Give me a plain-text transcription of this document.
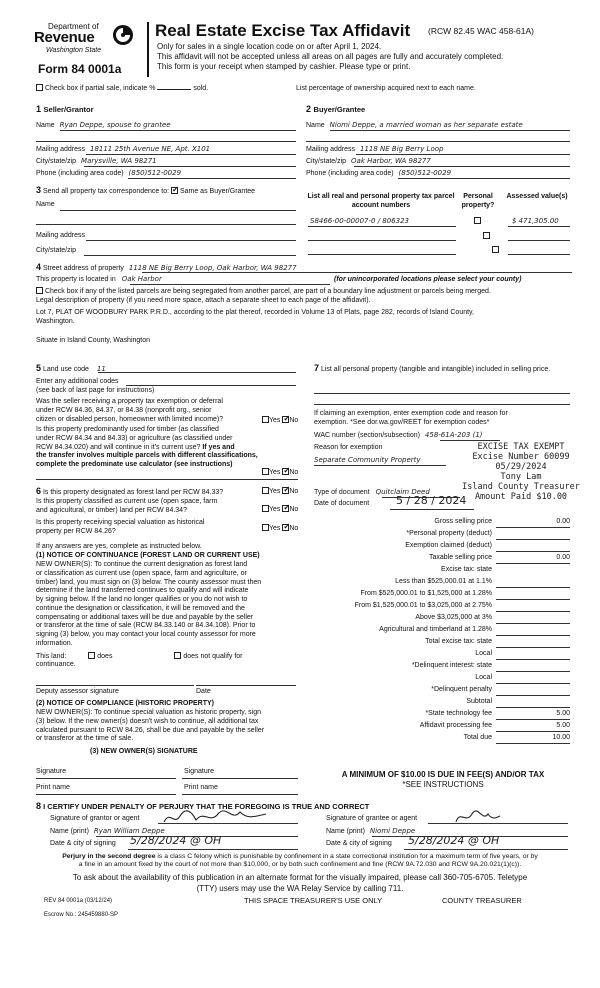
Department of
Revenue
Washington State
Form 84 0001a
Real Estate Excise Tax Affidavit (RCW 82.45 WAC 458-61A)
Only for sales in a single location code on or after April 1, 2024.
This affidavit will not be accepted unless all areas on all pages are fully and accurately completed.
This form is your receipt when stamped by cashier. Please type or print.
Check box if partial sale, indicate %	sold.	List percentage of ownership acquired next to each name.
1 Seller/Grantor
Name Ryan Deppe, spouse to grantee
Mailing address 18111 25th Avenue NE, Apt. X101
City/state/zip Marysville, WA 98271
Phone (including area code) (850)512-0029
2 Buyer/Grantee
Name Niomi Deppe, a married woman as her separate estate
Mailing address 1118 NE Big Berry Loop
City/state/zip Oak Harbor, WA 98277
Phone (including area code) (850)512-0029
3 Send all property tax correspondence to: ✓ Same as Buyer/Grantee
Name
Mailing address
City/state/zip
List all real and personal property tax parcel account numbers
Personal property?
Assessed value(s)
S8466-00-00007-0 / 806323
	$ 471,305.00
4 Street address of property 1118 NE Big Berry Loop, Oak Harbor, WA 98277
This property is located in Oak Harbor	(for unincorporated locations please select your county)
Check box if any of the listed parcels are being segregated from another parcel, are part of a boundary line adjustment or parcels being merged.
Legal description of property (if you need more space, attach a separate sheet to each page of the affidavit).
Lot 7, PLAT OF WOODBURY PARK P.R.D., according to the plat thereof, recorded in Volume 13 of Plats, page 282, records of Island County,
Washington.
Situate in Island County, Washington
5 Land use code 11
Enter any additional codes
(see back of last page for instructions)
Was the seller receiving a property tax exemption or deferral
under RCW 84.36, 84.37, or 84.38 (nonprofit org., senior
citizen or disabled person, homeowner with limited income)?	Yes ✓ No
Is this property predominantly used for timber (as classified
under RCW 84.34 and 84.33) or agriculture (as classified under
RCW 84.34.020) and will continue in it's current use? If yes and
the transfer involves multiple parcels with different classifications,
complete the predominate use calculator (see instructions)
Yes ✓ No
6 Is this property designated as forest land per RCW 84.33?	Yes ✓ No
Is this property classified as current use (open space, farm
and agricultural, or timber) land per RCW 84.34?	Yes ✓ No
Is this property receiving special valuation as historical
property per RCW 84.26?	Yes ✓ No
If any answers are yes, complete as instructed below.
(1) NOTICE OF CONTINUANCE (FOREST LAND OR CURRENT USE)
NEW OWNER(S): To continue the current designation as forest land
or classification as current use (open space, farm and agriculture, or
timber) land, you must sign on (3) below. The county assessor must then
determine if the land transferred continues to qualify and will indicate
by signing below. If the land no longer qualifies or you do not wish to
continue the designation or classification, it will be removed and the
compensating or additional taxes will be due and payable by the seller
or transferor at the time of sale (RCW 84.33.140 or 84.34.108). Prior to
signing (3) below, you may contact your local county assessor for more
information.
This land:	does	does not qualify for
continuance.
Deputy assessor signature	Date
(2) NOTICE OF COMPLIANCE (HISTORIC PROPERTY)
NEW OWNER(S): To continue special valuation as historic property, sign
(3) below. If the new owner(s) doesn't wish to continue, all additional tax
calculated pursuant to RCW 84.26, shall be due and payable by the seller
or transferor at the time of sale.
(3) NEW OWNER(S) SIGNATURE
Signature	Signature
Print name	Print name
7 List all personal property (tangible and intangible) included in selling price.
If claiming an exemption, enter exemption code and reason for
exemption. *See dor.wa.gov/REET for exemption codes*
WAC number (section/subsection) 458-61A-203 (1)
Reason for exemption
Separate Community Property
EXCISE TAX EXEMPT
Excise Number 60099
05/29/2024
Tony Lam
Island County Treasurer
Amount Paid $10.00
Type of document Quitclaim Deed
Date of document 5 / 28 / 2024
Gross selling price	0.00
*Personal property (deduct)
Exemption claimed (deduct)
Taxable selling price	0.00
Excise tax: state
Less than $525,000.01 at 1.1%
From $525,000.01 to $1,525,000 at 1.28%
From $1,525,000.01 to $3,025,000 at 2.75%
Above $3,025,000 at 3%
Agricultural and timberland at 1.28%
Total excise tax: state
Local
*Delinquent interest: state
Local
*Delinquent penalty
Subtotal
*State technology fee	5.00
Affidavit processing fee	5.00
Total due	10.00
A MINIMUM OF $10.00 IS DUE IN FEE(S) AND/OR TAX
*SEE INSTRUCTIONS
8 I CERTIFY UNDER PENALTY OF PERJURY THAT THE FOREGOING IS TRUE AND CORRECT
Signature of grantor or agent
Name (print) Ryan William Deppe
Date & city of signing 5/28/2024 @ OH
Signature of grantee or agent
Name (print) Niomi Deppe
Date & city of signing 5/28/2024 @ OH
Perjury in the second degree is a class C felony which is punishable by confinement in a state correctional institution for a maximum term of five years, or by
a fine in an amount fixed by the court of not more than $10,000, or by both such confinement and fine (RCW 9A.72.030 and RCW 9A.20.021(1)(c)).
To ask about the availability of this publication in an alternate format for the visually impaired, please call 360-705-6705. Teletype
(TTY) users may use the WA Relay Service by calling 711.
REV 84 0001a (03/12/24)	THIS SPACE TREASURER'S USE ONLY	COUNTY TREASURER
Escrow No.: 245459880-SP
